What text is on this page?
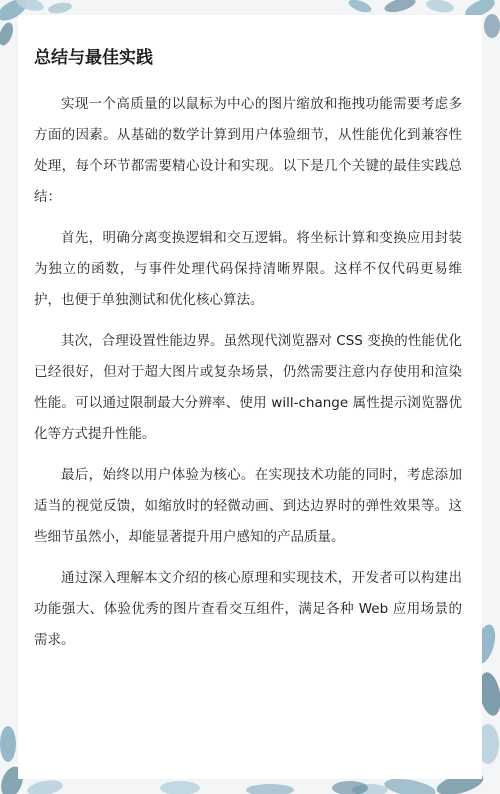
总结与最佳实践

实现一个高质量的以鼠标为中心的图片缩放和拖拽功能需要考虑多方面的因素。从基础的数学计算到用户体验细节，从性能优化到兼容性处理，每个环节都需要精心设计和实现。以下是几个关键的最佳实践总结：

首先，明确分离变换逻辑和交互逻辑。将坐标计算和变换应用封装为独立的函数，与事件处理代码保持清晰界限。这样不仅代码更易维护，也便于单独测试和优化核心算法。

其次，合理设置性能边界。虽然现代浏览器对 CSS 变换的性能优化已经很好，但对于超大图片或复杂场景，仍然需要注意内存使用和渲染性能。可以通过限制最大分辨率、使用 will-change 属性提示浏览器优化等方式提升性能。

最后，始终以用户体验为核心。在实现技术功能的同时，考虑添加适当的视觉反馈，如缩放时的轻微动画、到达边界时的弹性效果等。这些细节虽然小，却能显著提升用户感知的产品质量。

通过深入理解本文介绍的核心原理和实现技术，开发者可以构建出功能强大、体验优秀的图片查看交互组件，满足各种 Web 应用场景的需求。
